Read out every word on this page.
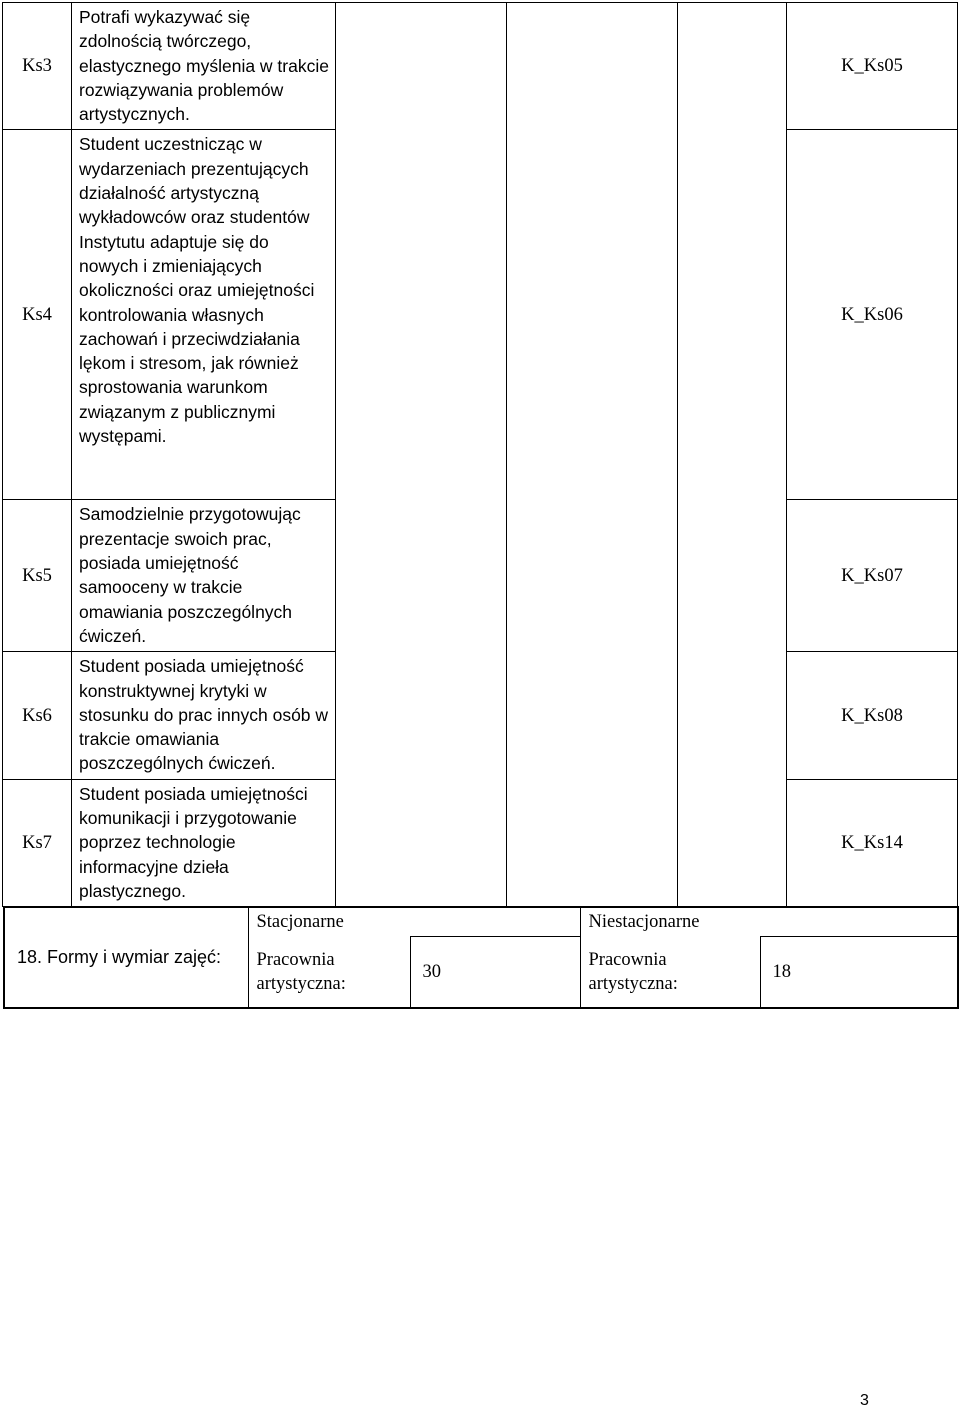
Ks3	Potrafi wykazywać się zdolnością twórczego, elastycznego myślenia w trakcie rozwiązywania problemów artystycznych.				K_Ks05
Ks4	Student uczestnicząc w wydarzeniach prezentujących działalność artystyczną wykładowców oraz studentów Instytutu adaptuje się do nowych i zmieniających okoliczności oraz umiejętności kontrolowania własnych zachowań i przeciwdziałania lękom i stresom, jak również sprostowania warunkom związanym z publicznymi występami.				K_Ks06
Ks5	Samodzielnie przygotowując prezentacje swoich prac, posiada umiejętność samooceny w trakcie omawiania poszczególnych ćwiczeń.				K_Ks07
Ks6	Student posiada umiejętność konstruktywnej krytyki w stosunku do prac innych osób w trakcie omawiania poszczególnych ćwiczeń.				K_Ks08
Ks7	Student posiada umiejętności komunikacji i przygotowanie poprzez technologie informacyjne dzieła plastycznego.				K_Ks14
18. Formy i wymiar zajęć:	Stacjonarne		Niestacjonarne	
	Pracownia artystyczna:	30	Pracownia artystyczna:	18
3
